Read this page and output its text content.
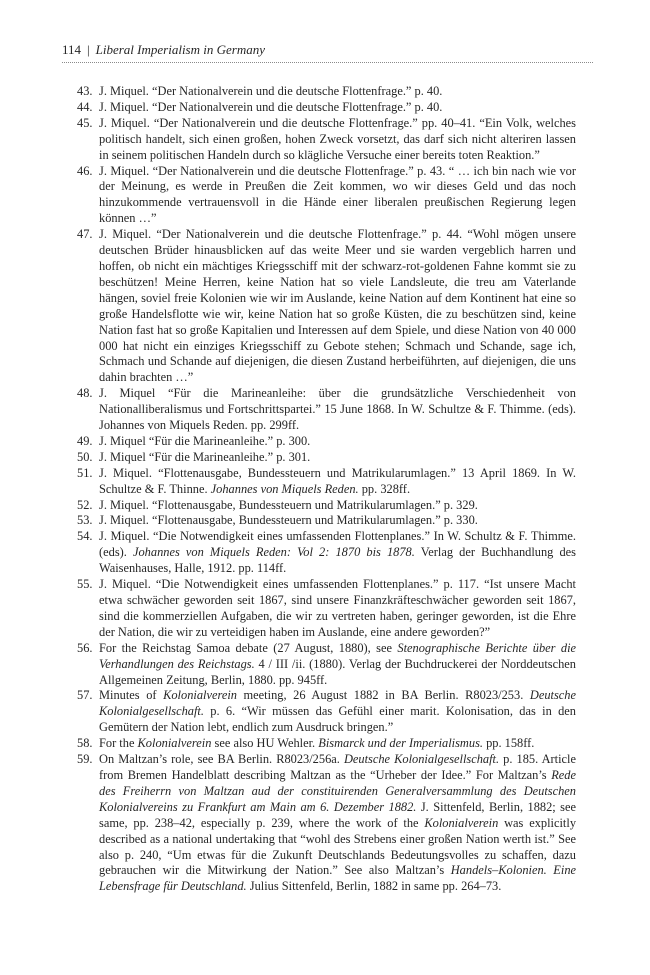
114 | Liberal Imperialism in Germany

43. J. Miquel. “Der Nationalverein und die deutsche Flottenfrage.” p. 40.

44. J. Miquel. “Der Nationalverein und die deutsche Flottenfrage.” p. 40.

45. J. Miquel. “Der Nationalverein und die deutsche Flottenfrage.” pp. 40–41. “Ein Volk, welches politisch handelt, sich einen großen, hohen Zweck vorsetzt, das darf sich nicht alteriren lassen in seinem politischen Handeln durch so klägliche Versuche einer bereits toten Reaktion.”

46. J. Miquel. “Der Nationalverein und die deutsche Flottenfrage.” p. 43. “ … ich bin nach wie vor der Meinung, es werde in Preußen die Zeit kommen, wo wir dieses Geld und das noch hinzukommende vertrauensvoll in die Hände einer liberalen preußischen Regierung legen können …”

47. J. Miquel. “Der Nationalverein und die deutsche Flottenfrage.” p. 44. “Wohl mögen unsere deutschen Brüder hinausblicken auf das weite Meer und sie warden vergeblich harren und hoffen, ob nicht ein mächtiges Kriegsschiff mit der schwarz-rot-goldenen Fahne kommt sie zu beschützen! Meine Herren, keine Nation hat so viele Landsleute, die treu am Vaterlande hängen, soviel freie Kolonien wie wir im Auslande, keine Nation auf dem Kontinent hat eine so große Handelsflotte wie wir, keine Nation hat so große Küsten, die zu beschützen sind, keine Nation fast hat so große Kapitalien und Interessen auf dem Spiele, und diese Nation von 40 000 000 hat nicht ein einziges Kriegsschiff zu Gebote stehen; Schmach und Schande, sage ich, Schmach und Schande auf diejenigen, die diesen Zustand herbeiführten, auf diejenigen, die uns dahin brachten …”

48. J. Miquel “Für die Marineanleihe: über die grundsätzliche Verschiedenheit von Nationalliberalismus und Fortschrittspartei.” 15 June 1868. In W. Schultze & F. Thimme. (eds). Johannes von Miquels Reden. pp. 299ff.

49. J. Miquel “Für die Marineanleihe.” p. 300.

50. J. Miquel “Für die Marineanleihe.” p. 301.

51. J. Miquel. “Flottenausgabe, Bundessteuern und Matrikularumlagen.” 13 April 1869. In W. Schultze & F. Thinne. Johannes von Miquels Reden. pp. 328ff.

52. J. Miquel. “Flottenausgabe, Bundessteuern und Matrikularumlagen.” p. 329.

53. J. Miquel. “Flottenausgabe, Bundessteuern und Matrikularumlagen.” p. 330.

54. J. Miquel. “Die Notwendigkeit eines umfassenden Flottenplanes.” In W. Schultz & F. Thimme. (eds). Johannes von Miquels Reden: Vol 2: 1870 bis 1878. Verlag der Buchhandlung des Waisenhauses, Halle, 1912. pp. 114ff.

55. J. Miquel. “Die Notwendigkeit eines umfassenden Flottenplanes.” p. 117. “Ist unsere Macht etwa schwächer geworden seit 1867, sind unsere Finanzkräfteschwächer geworden seit 1867, sind die kommerziellen Aufgaben, die wir zu vertreten haben, geringer geworden, ist die Ehre der Nation, die wir zu verteidigen haben im Auslande, eine andere geworden?”

56. For the Reichstag Samoa debate (27 August, 1880), see Stenographische Berichte über die Verhandlungen des Reichstags. 4 / III /ii. (1880). Verlag der Buchdruckerei der Norddeutschen Allgemeinen Zeitung, Berlin, 1880. pp. 945ff.

57. Minutes of Kolonialverein meeting, 26 August 1882 in BA Berlin. R8023/253. Deutsche Kolonialgesellschaft. p. 6. “Wir müssen das Gefühl einer marit. Kolonisation, das in den Gemütern der Nation lebt, endlich zum Ausdruck bringen.”

58. For the Kolonialverein see also HU Wehler. Bismarck und der Imperialismus. pp. 158ff.

59. On Maltzan’s role, see BA Berlin. R8023/256a. Deutsche Kolonialgesellschaft. p. 185. Article from Bremen Handelblatt describing Maltzan as the “Urheber der Idee.” For Maltzan’s Rede des Freiherrn von Maltzan aud der constituirenden Generalversammlung des Deutschen Kolonialvereins zu Frankfurt am Main am 6. Dezember 1882. J. Sittenfeld, Berlin, 1882; see same, pp. 238–42, especially p. 239, where the work of the Kolonialverein was explicitly described as a national undertaking that “wohl des Strebens einer großen Nation werth ist.” See also p. 240, “Um etwas für die Zukunft Deutschlands Bedeutungsvolles zu schaffen, dazu gebrauchen wir die Mitwirkung der Nation.” See also Maltzan’s Handels–Kolonien. Eine Lebensfrage für Deutschland. Julius Sittenfeld, Berlin, 1882 in same pp. 264–73.
